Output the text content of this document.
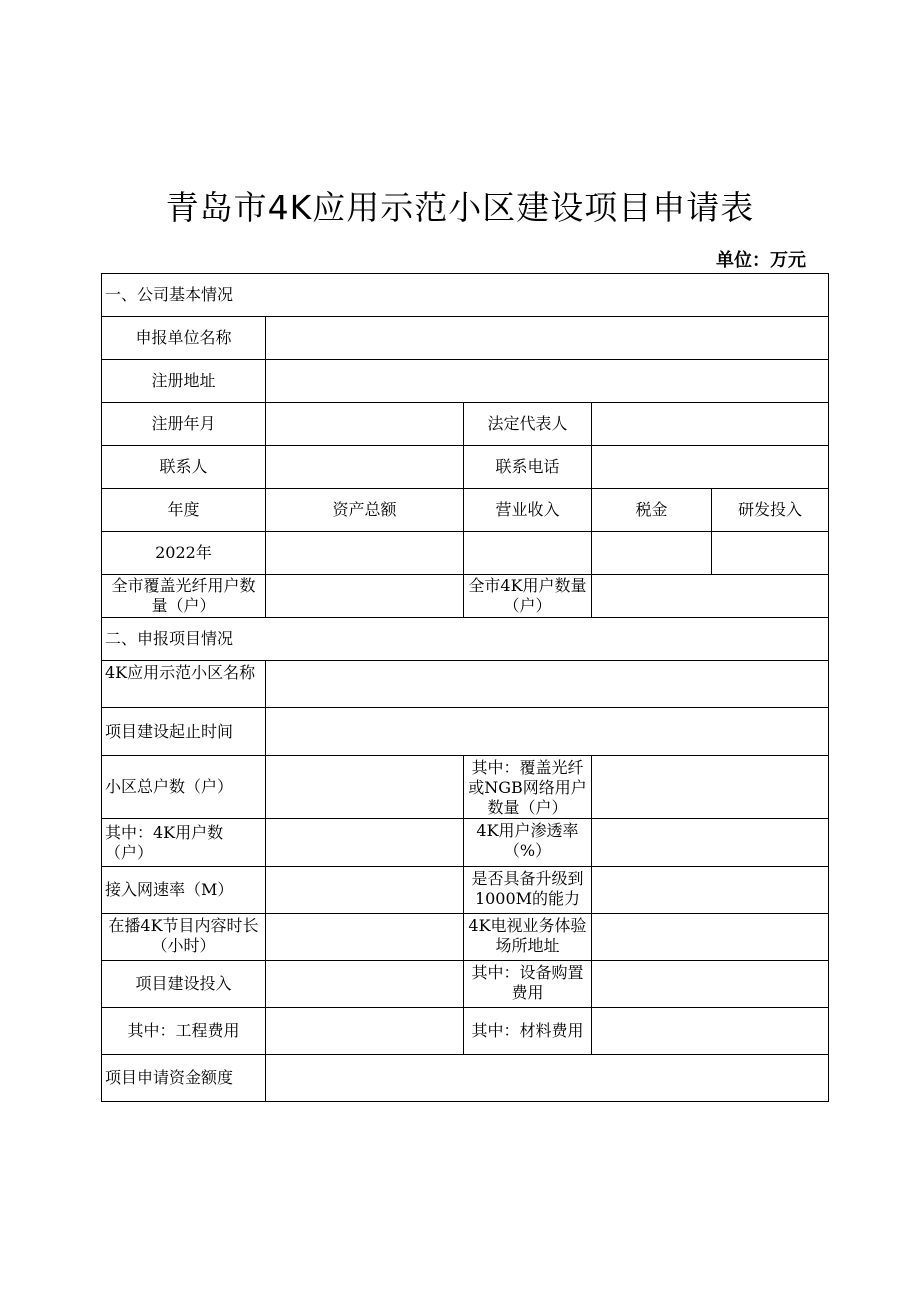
青岛市4K应用示范小区建设项目申请表
单位：万元
一、公司基本情况				
申报单位名称				
注册地址				
注册年月		法定代表人		
联系人		联系电话		
年度	资产总额	营业收入	税金	研发投入
2022年				
全市覆盖光纤用户数量（户）		全市4K用户数量（户）		
二、申报项目情况				
4K应用示范小区名称				
项目建设起止时间				
小区总户数（户）		其中：覆盖光纤或NGB网络用户数量（户）		
其中：4K用户数（户）		4K用户渗透率（%）		
接入网速率（M）		是否具备升级到1000M的能力		
在播4K节目内容时长（小时）		4K电视业务体验场所地址		
项目建设投入		其中：设备购置费用		
其中：工程费用		其中：材料费用		
项目申请资金额度				
